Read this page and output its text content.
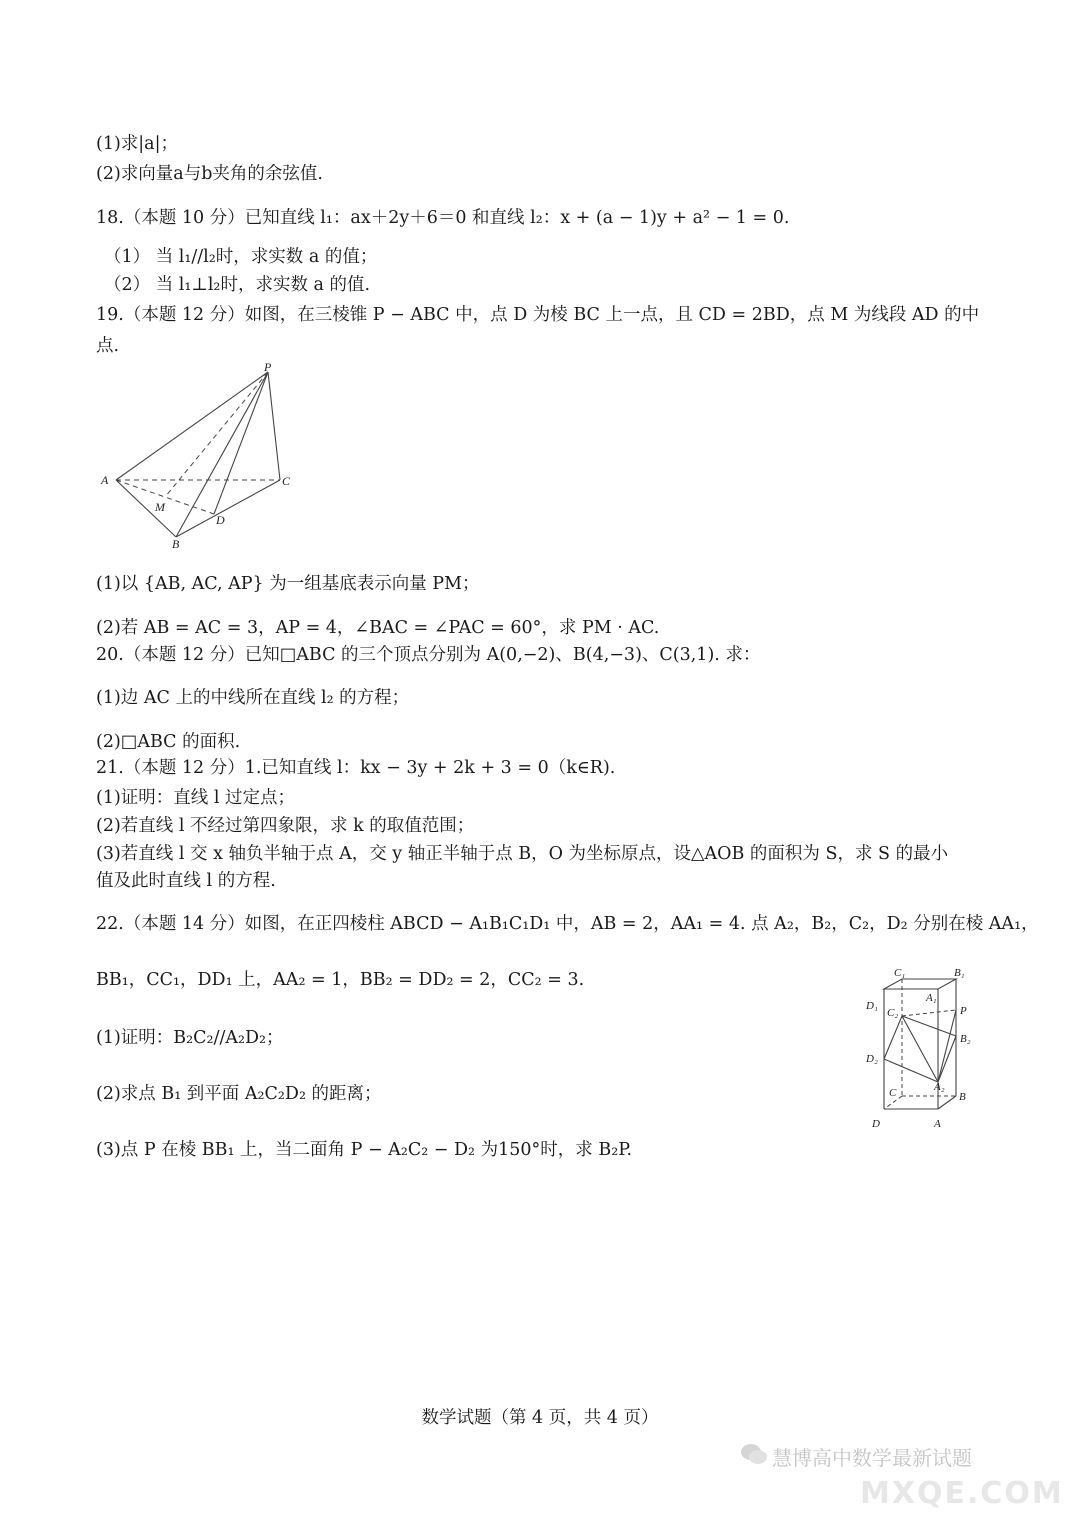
(1)求|a|；
(2)求向量a与b夹角的余弦值.
18.（本题 10 分）已知直线 l₁：ax＋2y＋6＝0 和直线 l₂：x + (a − 1)y + a² − 1 = 0.
（1） 当 l₁//l₂时，求实数 a 的值；
（2） 当 l₁⊥l₂时，求实数 a 的值.
19.（本题 12 分）如图，在三棱锥 P − ABC 中，点 D 为棱 BC 上一点，且 CD = 2BD，点 M 为线段 AD 的中
点.
P
A	C
M
D
B
(1)以 {AB, AC, AP} 为一组基底表示向量 PM；
(2)若 AB = AC = 3，AP = 4，∠BAC = ∠PAC = 60°，求 PM · AC.
20.（本题 12 分）已知□ABC 的三个顶点分别为 A(0,−2)、B(4,−3)、C(3,1). 求：
(1)边 AC 上的中线所在直线 l₂ 的方程；
(2)□ABC 的面积.
21.（本题 12 分）1.已知直线 l：kx − 3y + 2k + 3 = 0（k∈R).
(1)证明：直线 l 过定点；
(2)若直线 l 不经过第四象限，求 k 的取值范围；
(3)若直线 l 交 x 轴负半轴于点 A，交 y 轴正半轴于点 B，O 为坐标原点，设△AOB 的面积为 S，求 S 的最小
值及此时直线 l 的方程.
22.（本题 14 分）如图，在正四棱柱 ABCD − A₁B₁C₁D₁ 中，AB = 2，AA₁ = 4. 点 A₂，B₂，C₂，D₂ 分别在棱 AA₁，
BB₁，CC₁，DD₁ 上，AA₂ = 1，BB₂ = DD₂ = 2，CC₂ = 3.
(1)证明：B₂C₂//A₂D₂；
(2)求点 B₁ 到平面 A₂C₂D₂ 的距离；
(3)点 P 在棱 BB₁ 上，当二面角 P − A₂C₂ − D₂ 为150°时，求 B₂P.
C₁	B₁
D₁
A₁
C₂	P
B₂
D₂
A₂
C	B
D	A
数学试题（第 4 页，共 4 页）
慧博高中数学最新试题
MXQE.COM
